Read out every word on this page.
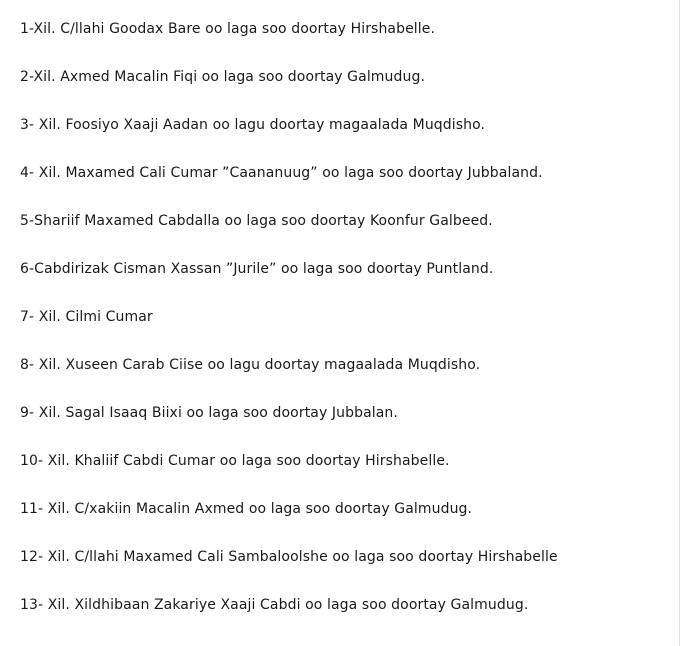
1-Xil. C/llahi Goodax Bare oo laga soo doortay Hirshabelle.
2-Xil. Axmed Macalin Fiqi oo laga soo doortay Galmudug.
3- Xil. Foosiyo Xaaji Aadan oo lagu doortay magaalada Muqdisho.
4- Xil. Maxamed Cali Cumar ”Caananuug” oo laga soo doortay Jubbaland.
5-Shariif Maxamed Cabdalla oo laga soo doortay Koonfur Galbeed.
6-Cabdirizak Cisman Xassan ”Jurile” oo laga soo doortay Puntland.
7- Xil. Cilmi Cumar
8- Xil. Xuseen Carab Ciise oo lagu doortay magaalada Muqdisho.
9- Xil. Sagal Isaaq Biixi oo laga soo doortay Jubbalan.
10- Xil. Khaliif Cabdi Cumar oo laga soo doortay Hirshabelle.
11- Xil. C/xakiin Macalin Axmed oo laga soo doortay Galmudug.
12- Xil. C/llahi Maxamed Cali Sambaloolshe oo laga soo doortay Hirshabelle
13- Xil. Xildhibaan Zakariye Xaaji Cabdi oo laga soo doortay Galmudug.
